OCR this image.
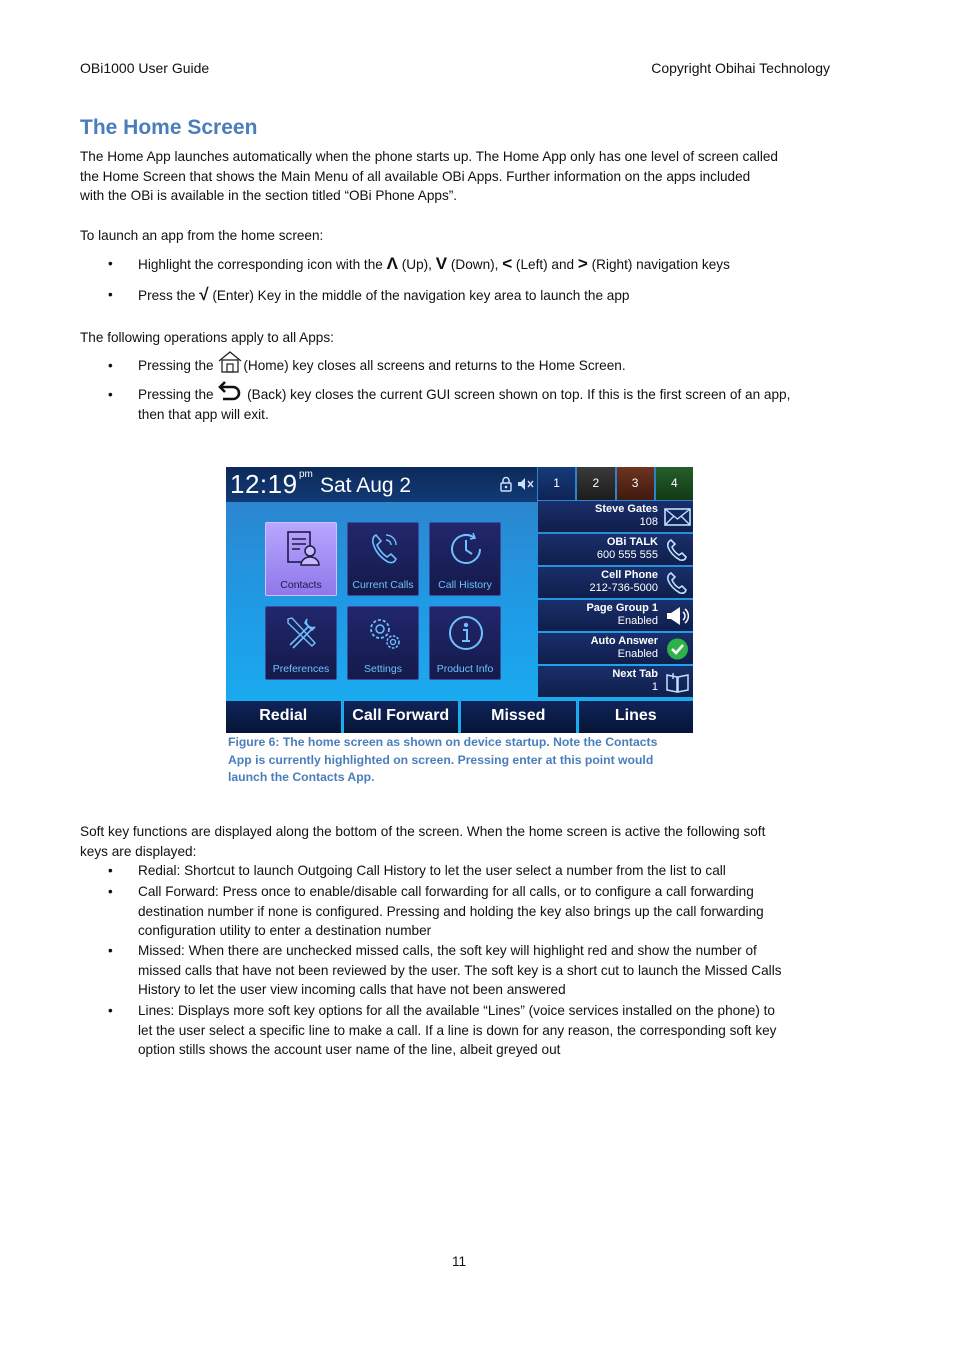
OBi1000 User Guide	Copyright Obihai Technology
The Home Screen
The Home App launches automatically when the phone starts up. The Home App only has one level of screen called
the Home Screen that shows the Main Menu of all available OBi Apps. Further information on the apps included
with the OBi is available in the section titled “OBi Phone Apps”.
To launch an app from the home screen:
• Highlight the corresponding icon with the Λ (Up), V (Down), < (Left) and > (Right) navigation keys
• Press the √ (Enter) Key in the middle of the navigation key area to launch the app
The following operations apply to all Apps:
• Pressing the (Home) key closes all screens and returns to the Home Screen.
• Pressing the  (Back) key closes the current GUI screen shown on top. If this is the first screen of an app,
then that app will exit.
12:19 pm Sat Aug 2	1	2	3	4
Contacts	Current Calls	Call History
Preferences	Settings	Product Info
Steve Gates
108
OBi TALK
600 555 555
Cell Phone
212-736-5000
Page Group 1
Enabled
Auto Answer
Enabled
Next Tab
1
Redial	Call Forward	Missed	Lines
Figure 6: The home screen as shown on device startup. Note the Contacts
App is currently highlighted on screen. Pressing enter at this point would
launch the Contacts App.
Soft key functions are displayed along the bottom of the screen. When the home screen is active the following soft
keys are displayed:
• Redial: Shortcut to launch Outgoing Call History to let the user select a number from the list to call
• Call Forward: Press once to enable/disable call forwarding for all calls, or to configure a call forwarding
destination number if none is configured. Pressing and holding the key also brings up the call forwarding
configuration utility to enter a destination number
• Missed: When there are unchecked missed calls, the soft key will highlight red and show the number of
missed calls that have not been reviewed by the user. The soft key is a short cut to launch the Missed Calls
History to let the user view incoming calls that have not been answered
• Lines: Displays more soft key options for all the available “Lines” (voice services installed on the phone) to
let the user select a specific line to make a call. If a line is down for any reason, the corresponding soft key
option stills shows the account user name of the line, albeit greyed out
11
